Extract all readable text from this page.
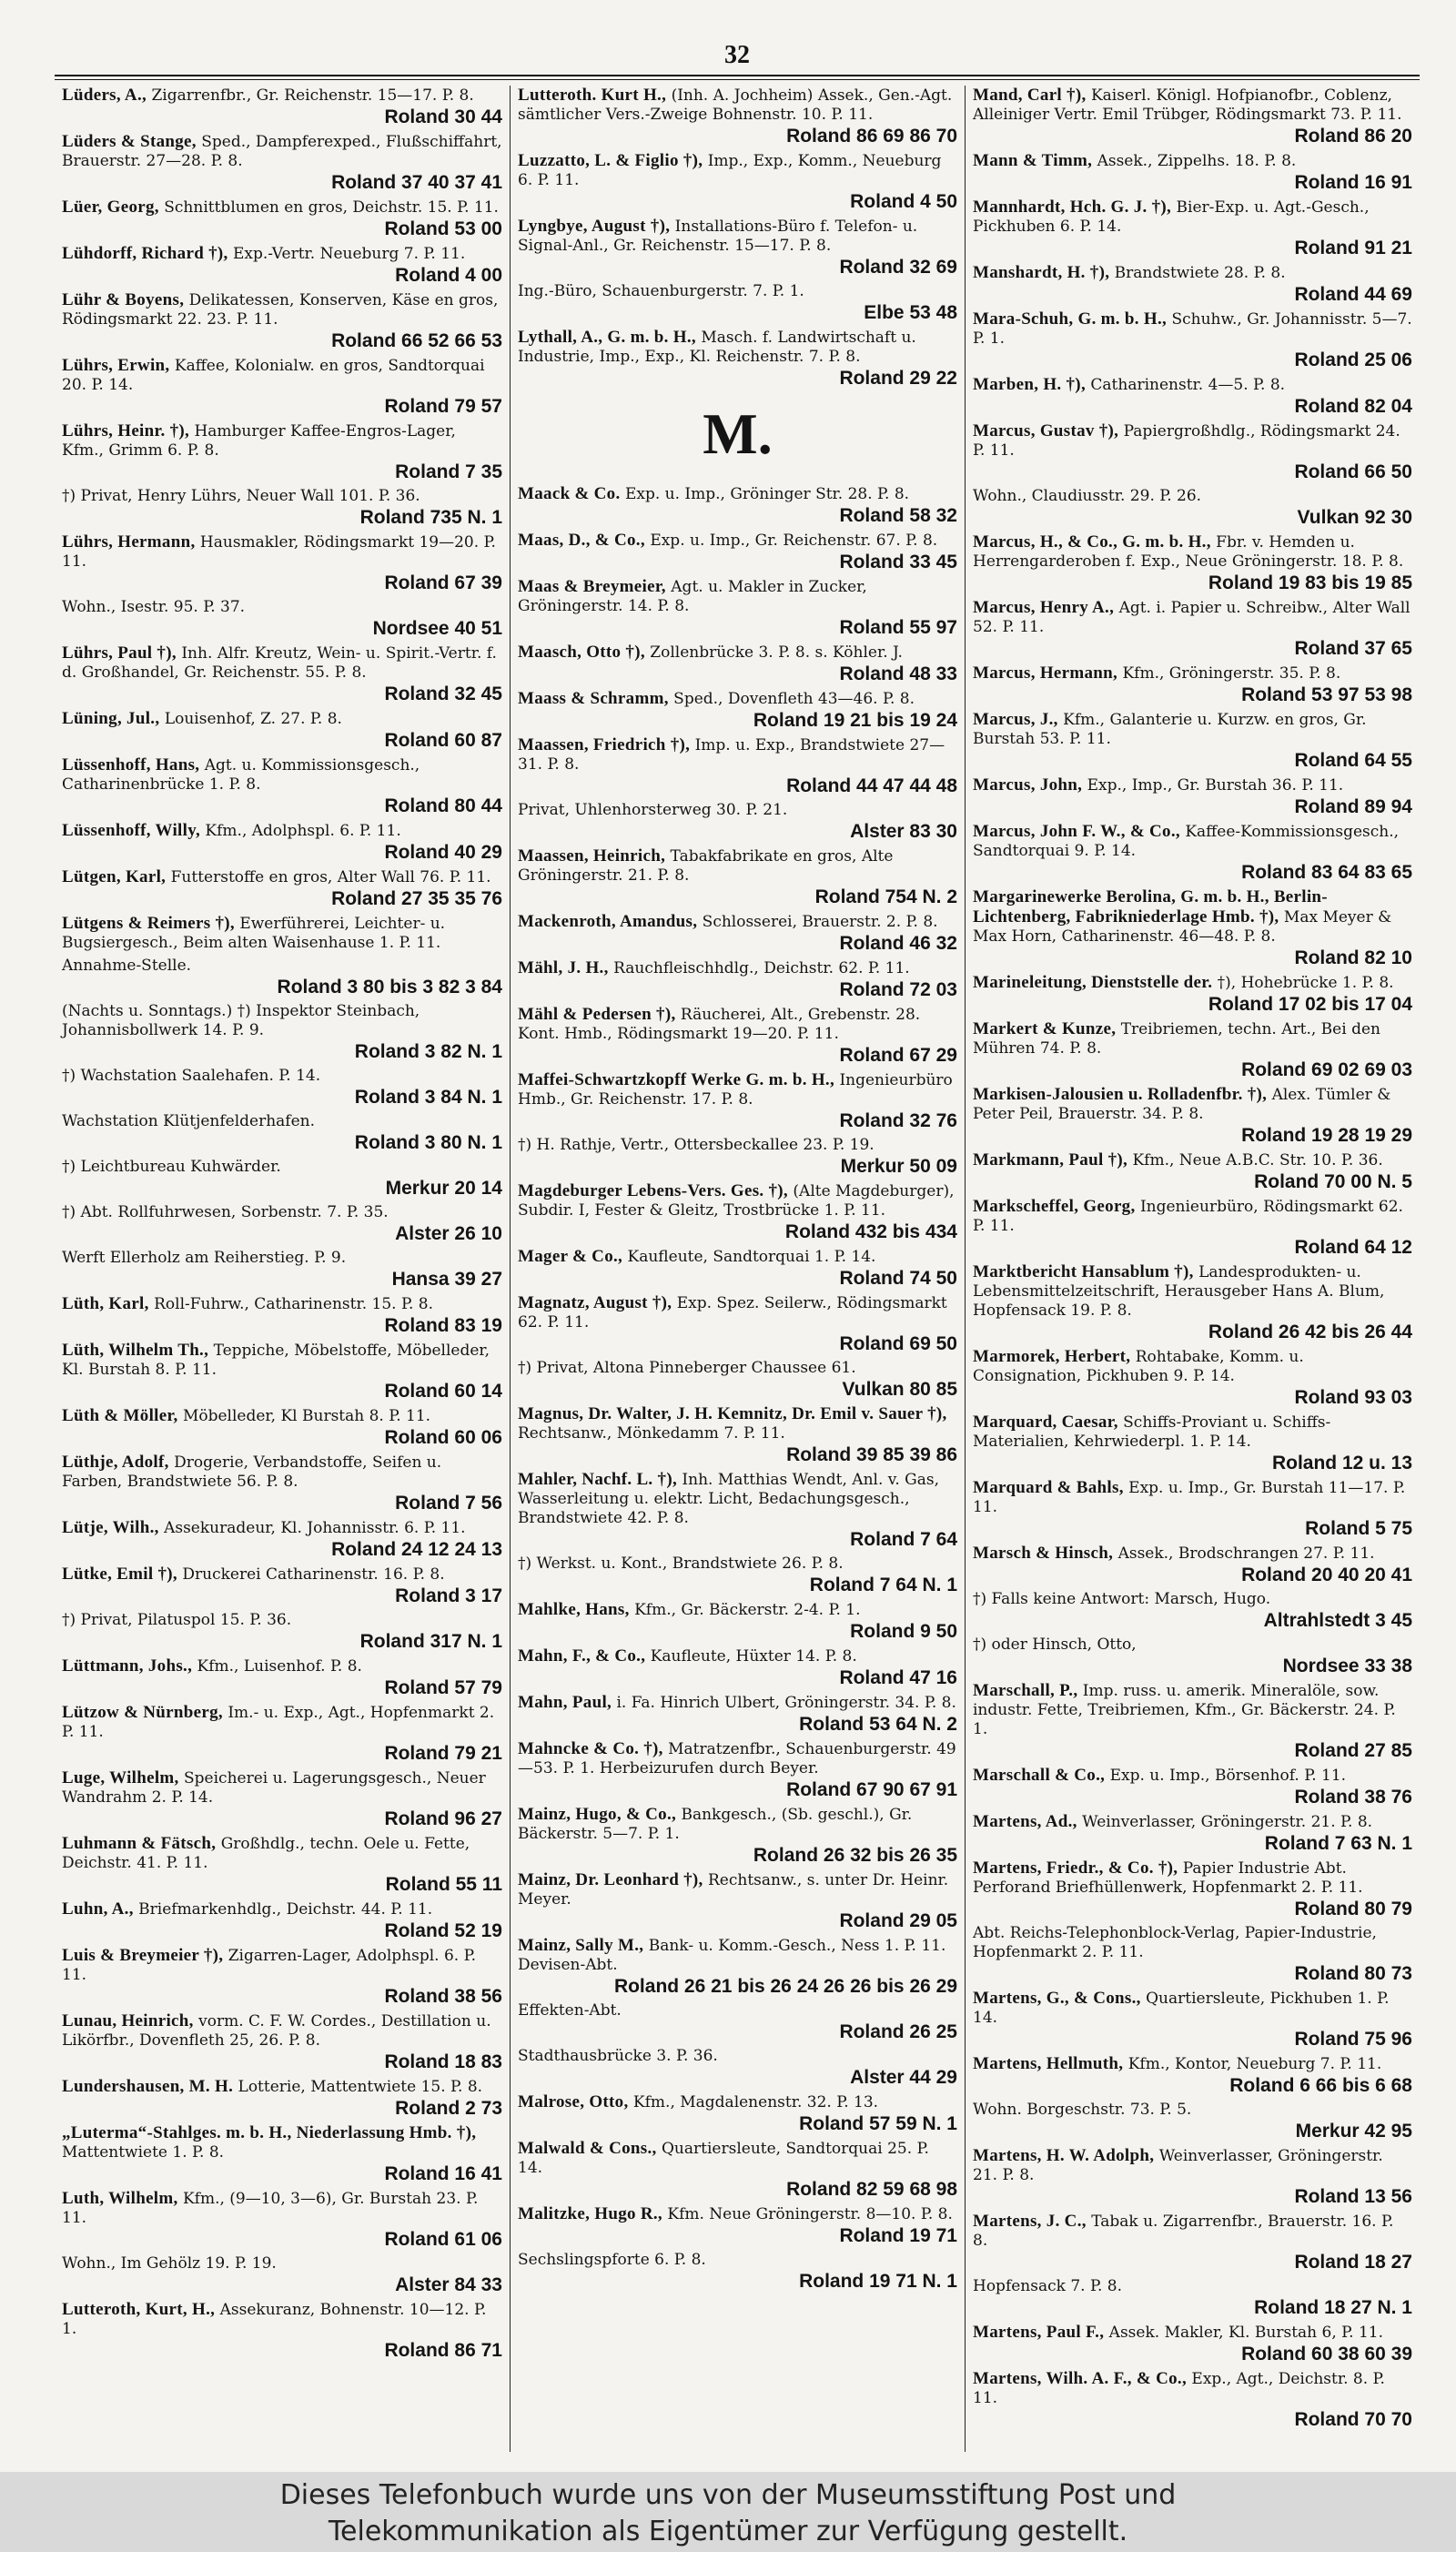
32
Lüders, A., Zigarrenfbr., Gr. Reichenstr. 15—17. P. 8.
Roland 30 44
Lüders & Stange, Sped., Dampferexped., Flußschiffahrt, Brauerstr. 27—28. P. 8.
Roland 37 40 37 41
Lüer, Georg, Schnittblumen en gros, Deichstr. 15. P. 11.
Roland 53 00
Lühdorff, Richard †), Exp.-Vertr. Neueburg 7. P. 11.
Roland 4 00
Lühr & Boyens, Delikatessen, Konserven, Käse en gros, Rödingsmarkt 22. 23. P. 11.
Roland 66 52 66 53
Lührs, Erwin, Kaffee, Kolonialw. en gros, Sandtorquai 20. P. 14.
Roland 79 57
Lührs, Heinr. †), Hamburger Kaffee-Engros-Lager, Kfm., Grimm 6. P. 8.
Roland 7 35
†) Privat, Henry Lührs, Neuer Wall 101. P. 36.
Roland 735 N. 1
Lührs, Hermann, Hausmakler, Rödingsmarkt 19—20. P. 11.
Roland 67 39
Wohn., Isestr. 95. P. 37.
Nordsee 40 51
Lührs, Paul †), Inh. Alfr. Kreutz, Wein- u. Spirit.-Vertr. f. d. Großhandel, Gr. Reichenstr. 55. P. 8.
Roland 32 45
Lüning, Jul., Louisenhof, Z. 27. P. 8.
Roland 60 87
Lüssenhoff, Hans, Agt. u. Kommissionsgesch., Catharinenbrücke 1. P. 8.
Roland 80 44
Lüssenhoff, Willy, Kfm., Adolphspl. 6. P. 11.
Roland 40 29
Lütgen, Karl, Futterstoffe en gros, Alter Wall 76. P. 11.
Roland 27 35 35 76
Lütgens & Reimers †), Ewerführerei, Leichter- u. Bugsiergesch., Beim alten Waisenhause 1. P. 11.
Annahme-Stelle.
Roland 3 80 bis 3 82 3 84
(Nachts u. Sonntags.) †) Inspektor Steinbach, Johannisbollwerk 14. P. 9.
Roland 3 82 N. 1
†) Wachstation Saalehafen. P. 14.
Roland 3 84 N. 1
Wachstation Klütjenfelderhafen.
Roland 3 80 N. 1
†) Leichtbureau Kuhwärder.
Merkur 20 14
†) Abt. Rollfuhrwesen, Sorbenstr. 7. P. 35.
Alster 26 10
Werft Ellerholz am Reiherstieg. P. 9.
Hansa 39 27
Lüth, Karl, Roll-Fuhrw., Catharinenstr. 15. P. 8.
Roland 83 19
Lüth, Wilhelm Th., Teppiche, Möbelstoffe, Möbelleder, Kl. Burstah 8. P. 11.
Roland 60 14
Lüth & Möller, Möbelleder, Kl Burstah 8. P. 11.
Roland 60 06
Lüthje, Adolf, Drogerie, Verbandstoffe, Seifen u. Farben, Brandstwiete 56. P. 8.
Roland 7 56
Lütje, Wilh., Assekuradeur, Kl. Johannisstr. 6. P. 11.
Roland 24 12 24 13
Lütke, Emil †), Druckerei Catharinenstr. 16. P. 8.
Roland 3 17
†) Privat, Pilatuspol 15. P. 36.
Roland 317 N. 1
Lüttmann, Johs., Kfm., Luisenhof. P. 8.
Roland 57 79
Lützow & Nürnberg, Im.- u. Exp., Agt., Hopfenmarkt 2. P. 11.
Roland 79 21
Luge, Wilhelm, Speicherei u. Lagerungsgesch., Neuer Wandrahm 2. P. 14.
Roland 96 27
Luhmann & Fätsch, Großhdlg., techn. Oele u. Fette, Deichstr. 41. P. 11.
Roland 55 11
Luhn, A., Briefmarkenhdlg., Deichstr. 44. P. 11.
Roland 52 19
Luis & Breymeier †), Zigarren-Lager, Adolphspl. 6. P. 11.
Roland 38 56
Lunau, Heinrich, vorm. C. F. W. Cordes., Destillation u. Likörfbr., Dovenfleth 25, 26. P. 8.
Roland 18 83
Lundershausen, M. H. Lotterie, Mattentwiete 15. P. 8.
Roland 2 73
„Luterma“-Stahlges. m. b. H., Niederlassung Hmb. †), Mattentwiete 1. P. 8.
Roland 16 41
Luth, Wilhelm, Kfm., (9—10, 3—6), Gr. Burstah 23. P. 11.
Roland 61 06
Wohn., Im Gehölz 19. P. 19.
Alster 84 33
Lutteroth, Kurt, H., Assekuranz, Bohnenstr. 10—12. P. 1.
Roland 86 71
Lutteroth. Kurt H., (Inh. A. Jochheim) Assek., Gen.-Agt. sämtlicher Vers.-Zweige Bohnenstr. 10. P. 11.
Roland 86 69 86 70
Luzzatto, L. & Figlio †), Imp., Exp., Komm., Neueburg 6. P. 11.
Roland 4 50
Lyngbye, August †), Installations-Büro f. Telefon- u. Signal-Anl., Gr. Reichenstr. 15—17. P. 8.
Roland 32 69
Ing.-Büro, Schauenburgerstr. 7. P. 1.
Elbe 53 48
Lythall, A., G. m. b. H., Masch. f. Landwirtschaft u. Industrie, Imp., Exp., Kl. Reichenstr. 7. P. 8.
Roland 29 22
M.
Maack & Co. Exp. u. Imp., Gröninger Str. 28. P. 8.
Roland 58 32
Maas, D., & Co., Exp. u. Imp., Gr. Reichenstr. 67. P. 8.
Roland 33 45
Maas & Breymeier, Agt. u. Makler in Zucker, Gröningerstr. 14. P. 8.
Roland 55 97
Maasch, Otto †), Zollenbrücke 3. P. 8. s. Köhler. J.
Roland 48 33
Maass & Schramm, Sped., Dovenfleth 43—46. P. 8.
Roland 19 21 bis 19 24
Maassen, Friedrich †), Imp. u. Exp., Brandstwiete 27—31. P. 8.
Roland 44 47 44 48
Privat, Uhlenhorsterweg 30. P. 21.
Alster 83 30
Maassen, Heinrich, Tabakfabrikate en gros, Alte Gröningerstr. 21. P. 8.
Roland 754 N. 2
Mackenroth, Amandus, Schlosserei, Brauerstr. 2. P. 8.
Roland 46 32
Mähl, J. H., Rauchfleischhdlg., Deichstr. 62. P. 11.
Roland 72 03
Mähl & Pedersen †), Räucherei, Alt., Grebenstr. 28. Kont. Hmb., Rödingsmarkt 19—20. P. 11.
Roland 67 29
Maffei-Schwartzkopff Werke G. m. b. H., Ingenieurbüro Hmb., Gr. Reichenstr. 17. P. 8.
Roland 32 76
†) H. Rathje, Vertr., Ottersbeckallee 23. P. 19.
Merkur 50 09
Magdeburger Lebens-Vers. Ges. †), (Alte Magdeburger), Subdir. I, Fester & Gleitz, Trostbrücke 1. P. 11.
Roland 432 bis 434
Mager & Co., Kaufleute, Sandtorquai 1. P. 14.
Roland 74 50
Magnatz, August †), Exp. Spez. Seilerw., Rödingsmarkt 62. P. 11.
Roland 69 50
†) Privat, Altona Pinneberger Chaussee 61.
Vulkan 80 85
Magnus, Dr. Walter, J. H. Kemnitz, Dr. Emil v. Sauer †), Rechtsanw., Mönkedamm 7. P. 11.
Roland 39 85 39 86
Mahler, Nachf. L. †), Inh. Matthias Wendt, Anl. v. Gas, Wasserleitung u. elektr. Licht, Bedachungsgesch., Brandstwiete 42. P. 8.
Roland 7 64
†) Werkst. u. Kont., Brandstwiete 26. P. 8.
Roland 7 64 N. 1
Mahlke, Hans, Kfm., Gr. Bäckerstr. 2-4. P. 1.
Roland 9 50
Mahn, F., & Co., Kaufleute, Hüxter 14. P. 8.
Roland 47 16
Mahn, Paul, i. Fa. Hinrich Ulbert, Gröningerstr. 34. P. 8.
Roland 53 64 N. 2
Mahncke & Co. †), Matratzenfbr., Schauenburgerstr. 49—53. P. 1. Herbeizurufen durch Beyer.
Roland 67 90 67 91
Mainz, Hugo, & Co., Bankgesch., (Sb. geschl.), Gr. Bäckerstr. 5—7. P. 1.
Roland 26 32 bis 26 35
Mainz, Dr. Leonhard †), Rechtsanw., s. unter Dr. Heinr. Meyer.
Roland 29 05
Mainz, Sally M., Bank- u. Komm.-Gesch., Ness 1. P. 11. Devisen-Abt.
Roland 26 21 bis 26 24 26 26 bis 26 29
Effekten-Abt.
Roland 26 25
Stadthausbrücke 3. P. 36.
Alster 44 29
Malrose, Otto, Kfm., Magdalenenstr. 32. P. 13.
Roland 57 59 N. 1
Malwald & Cons., Quartiersleute, Sandtorquai 25. P. 14.
Roland 82 59 68 98
Malitzke, Hugo R., Kfm. Neue Gröningerstr. 8—10. P. 8.
Roland 19 71
Sechslingspforte 6. P. 8.
Roland 19 71 N. 1
Mand, Carl †), Kaiserl. Königl. Hofpianofbr., Coblenz, Alleiniger Vertr. Emil Trübger, Rödingsmarkt 73. P. 11.
Roland 86 20
Mann & Timm, Assek., Zippelhs. 18. P. 8.
Roland 16 91
Mannhardt, Hch. G. J. †), Bier-Exp. u. Agt.-Gesch., Pickhuben 6. P. 14.
Roland 91 21
Manshardt, H. †), Brandstwiete 28. P. 8.
Roland 44 69
Mara-Schuh, G. m. b. H., Schuhw., Gr. Johannisstr. 5—7. P. 1.
Roland 25 06
Marben, H. †), Catharinenstr. 4—5. P. 8.
Roland 82 04
Marcus, Gustav †), Papiergroßhdlg., Rödingsmarkt 24. P. 11.
Roland 66 50
Wohn., Claudiusstr. 29. P. 26.
Vulkan 92 30
Marcus, H., & Co., G. m. b. H., Fbr. v. Hemden u. Herrengarderoben f. Exp., Neue Gröningerstr. 18. P. 8.
Roland 19 83 bis 19 85
Marcus, Henry A., Agt. i. Papier u. Schreibw., Alter Wall 52. P. 11.
Roland 37 65
Marcus, Hermann, Kfm., Gröningerstr. 35. P. 8.
Roland 53 97 53 98
Marcus, J., Kfm., Galanterie u. Kurzw. en gros, Gr. Burstah 53. P. 11.
Roland 64 55
Marcus, John, Exp., Imp., Gr. Burstah 36. P. 11.
Roland 89 94
Marcus, John F. W., & Co., Kaffee-Kommissionsgesch., Sandtorquai 9. P. 14.
Roland 83 64 83 65
Margarinewerke Berolina, G. m. b. H., Berlin-Lichtenberg, Fabrikniederlage Hmb. †), Max Meyer & Max Horn, Catharinenstr. 46—48. P. 8.
Roland 82 10
Marineleitung, Dienststelle der. †), Hohebrücke 1. P. 8.
Roland 17 02 bis 17 04
Markert & Kunze, Treibriemen, techn. Art., Bei den Mühren 74. P. 8.
Roland 69 02 69 03
Markisen-Jalousien u. Rolladenfbr. †), Alex. Tümler & Peter Peil, Brauerstr. 34. P. 8.
Roland 19 28 19 29
Markmann, Paul †), Kfm., Neue A.B.C. Str. 10. P. 36.
Roland 70 00 N. 5
Markscheffel, Georg, Ingenieurbüro, Rödingsmarkt 62. P. 11.
Roland 64 12
Marktbericht Hansablum †), Landesprodukten- u. Lebensmittelzeitschrift, Herausgeber Hans A. Blum, Hopfensack 19. P. 8.
Roland 26 42 bis 26 44
Marmorek, Herbert, Rohtabake, Komm. u. Consignation, Pickhuben 9. P. 14.
Roland 93 03
Marquard, Caesar, Schiffs-Proviant u. Schiffs-Materialien, Kehrwiederpl. 1. P. 14.
Roland 12 u. 13
Marquard & Bahls, Exp. u. Imp., Gr. Burstah 11—17. P. 11.
Roland 5 75
Marsch & Hinsch, Assek., Brodschrangen 27. P. 11.
Roland 20 40 20 41
†) Falls keine Antwort: Marsch, Hugo.
Altrahlstedt 3 45
†) oder Hinsch, Otto,
Nordsee 33 38
Marschall, P., Imp. russ. u. amerik. Mineralöle, sow. industr. Fette, Treibriemen, Kfm., Gr. Bäckerstr. 24. P. 1.
Roland 27 85
Marschall & Co., Exp. u. Imp., Börsenhof. P. 11.
Roland 38 76
Martens, Ad., Weinverlasser, Gröningerstr. 21. P. 8.
Roland 7 63 N. 1
Martens, Friedr., & Co. †), Papier Industrie Abt. Perforand Briefhüllenwerk, Hopfenmarkt 2. P. 11.
Roland 80 79
Abt. Reichs-Telephonblock-Verlag, Papier-Industrie, Hopfenmarkt 2. P. 11.
Roland 80 73
Martens, G., & Cons., Quartiersleute, Pickhuben 1. P. 14.
Roland 75 96
Martens, Hellmuth, Kfm., Kontor, Neueburg 7. P. 11.
Roland 6 66 bis 6 68
Wohn. Borgeschstr. 73. P. 5.
Merkur 42 95
Martens, H. W. Adolph, Weinverlasser, Gröningerstr. 21. P. 8.
Roland 13 56
Martens, J. C., Tabak u. Zigarrenfbr., Brauerstr. 16. P. 8.
Roland 18 27
Hopfensack 7. P. 8.
Roland 18 27 N. 1
Martens, Paul F., Assek. Makler, Kl. Burstah 6, P. 11.
Roland 60 38 60 39
Martens, Wilh. A. F., & Co., Exp., Agt., Deichstr. 8. P. 11.
Roland 70 70
Dieses Telefonbuch wurde uns von der Museumsstiftung Post und
Telekommunikation als Eigentümer zur Verfügung gestellt.
